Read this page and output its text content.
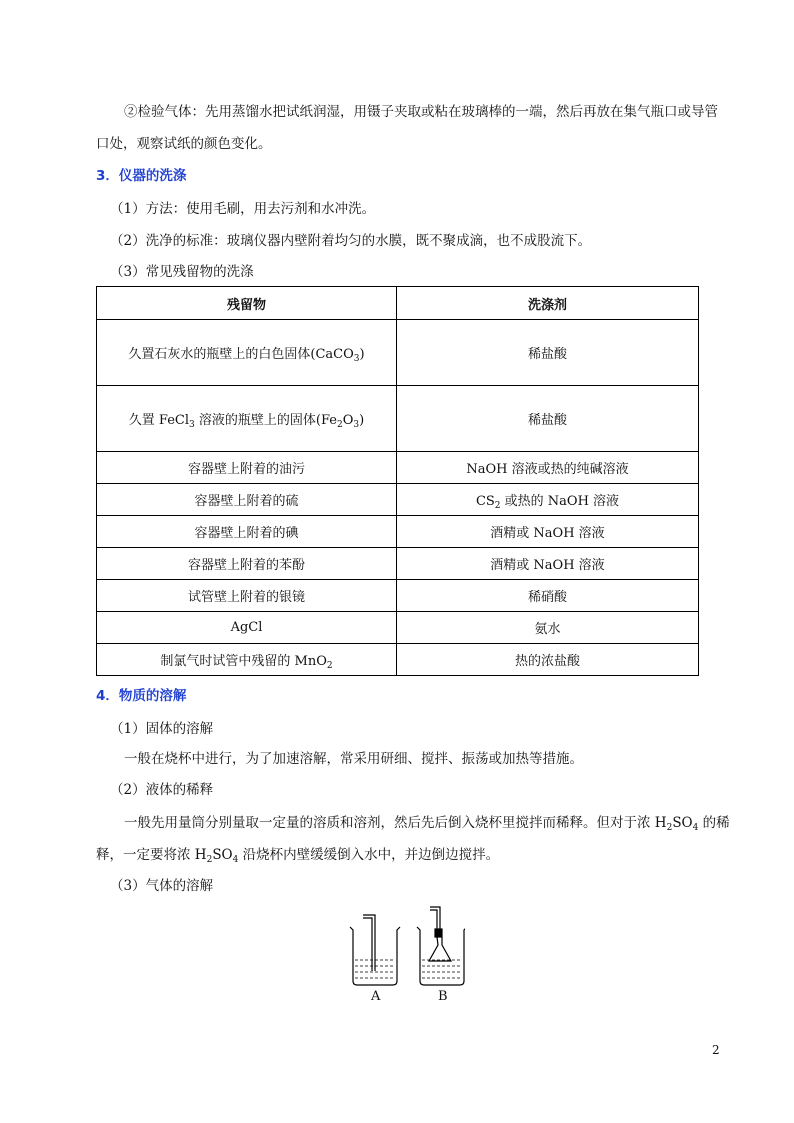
②检验气体：先用蒸馏水把试纸润湿，用镊子夹取或粘在玻璃棒的一端，然后再放在集气瓶口或导管
口处，观察试纸的颜色变化。
3．仪器的洗涤
（1）方法：使用毛刷，用去污剂和水冲洗。
（2）洗净的标准：玻璃仪器内壁附着均匀的水膜，既不聚成滴，也不成股流下。
（3）常见残留物的洗涤
残留物	洗涤剂
久置石灰水的瓶壁上的白色固体(CaCO$_3$)	稀盐酸
久置 FeCl$_3$ 溶液的瓶壁上的固体$(Fe_2O_3)$	稀盐酸
容器壁上附着的油污	NaOH 溶液或热的纯碱溶液
容器壁上附着的硫	$CS_2$ 或热的 NaOH 溶液
容器壁上附着的碘	酒精或 NaOH 溶液
容器壁上附着的苯酚	酒精或 NaOH 溶液
试管壁上附着的银镜	稀硝酸
AgCl	氨水
制氯气时试管中残留的 MnO$_2$	热的浓盐酸
4．物质的溶解
（1）固体的溶解
一般在烧杯中进行，为了加速溶解，常采用研细、搅拌、振荡或加热等措施。
（2）液体的稀释
一般先用量筒分别量取一定量的溶质和溶剂，然后先后倒入烧杯里搅拌而稀释。但对于浓 $H_2SO_4$ 的稀
释，一定要将浓 $H_2SO_4$ 沿烧杯内壁缓缓倒入水中，并边倒边搅拌。
（3）气体的溶解
A	B
2
